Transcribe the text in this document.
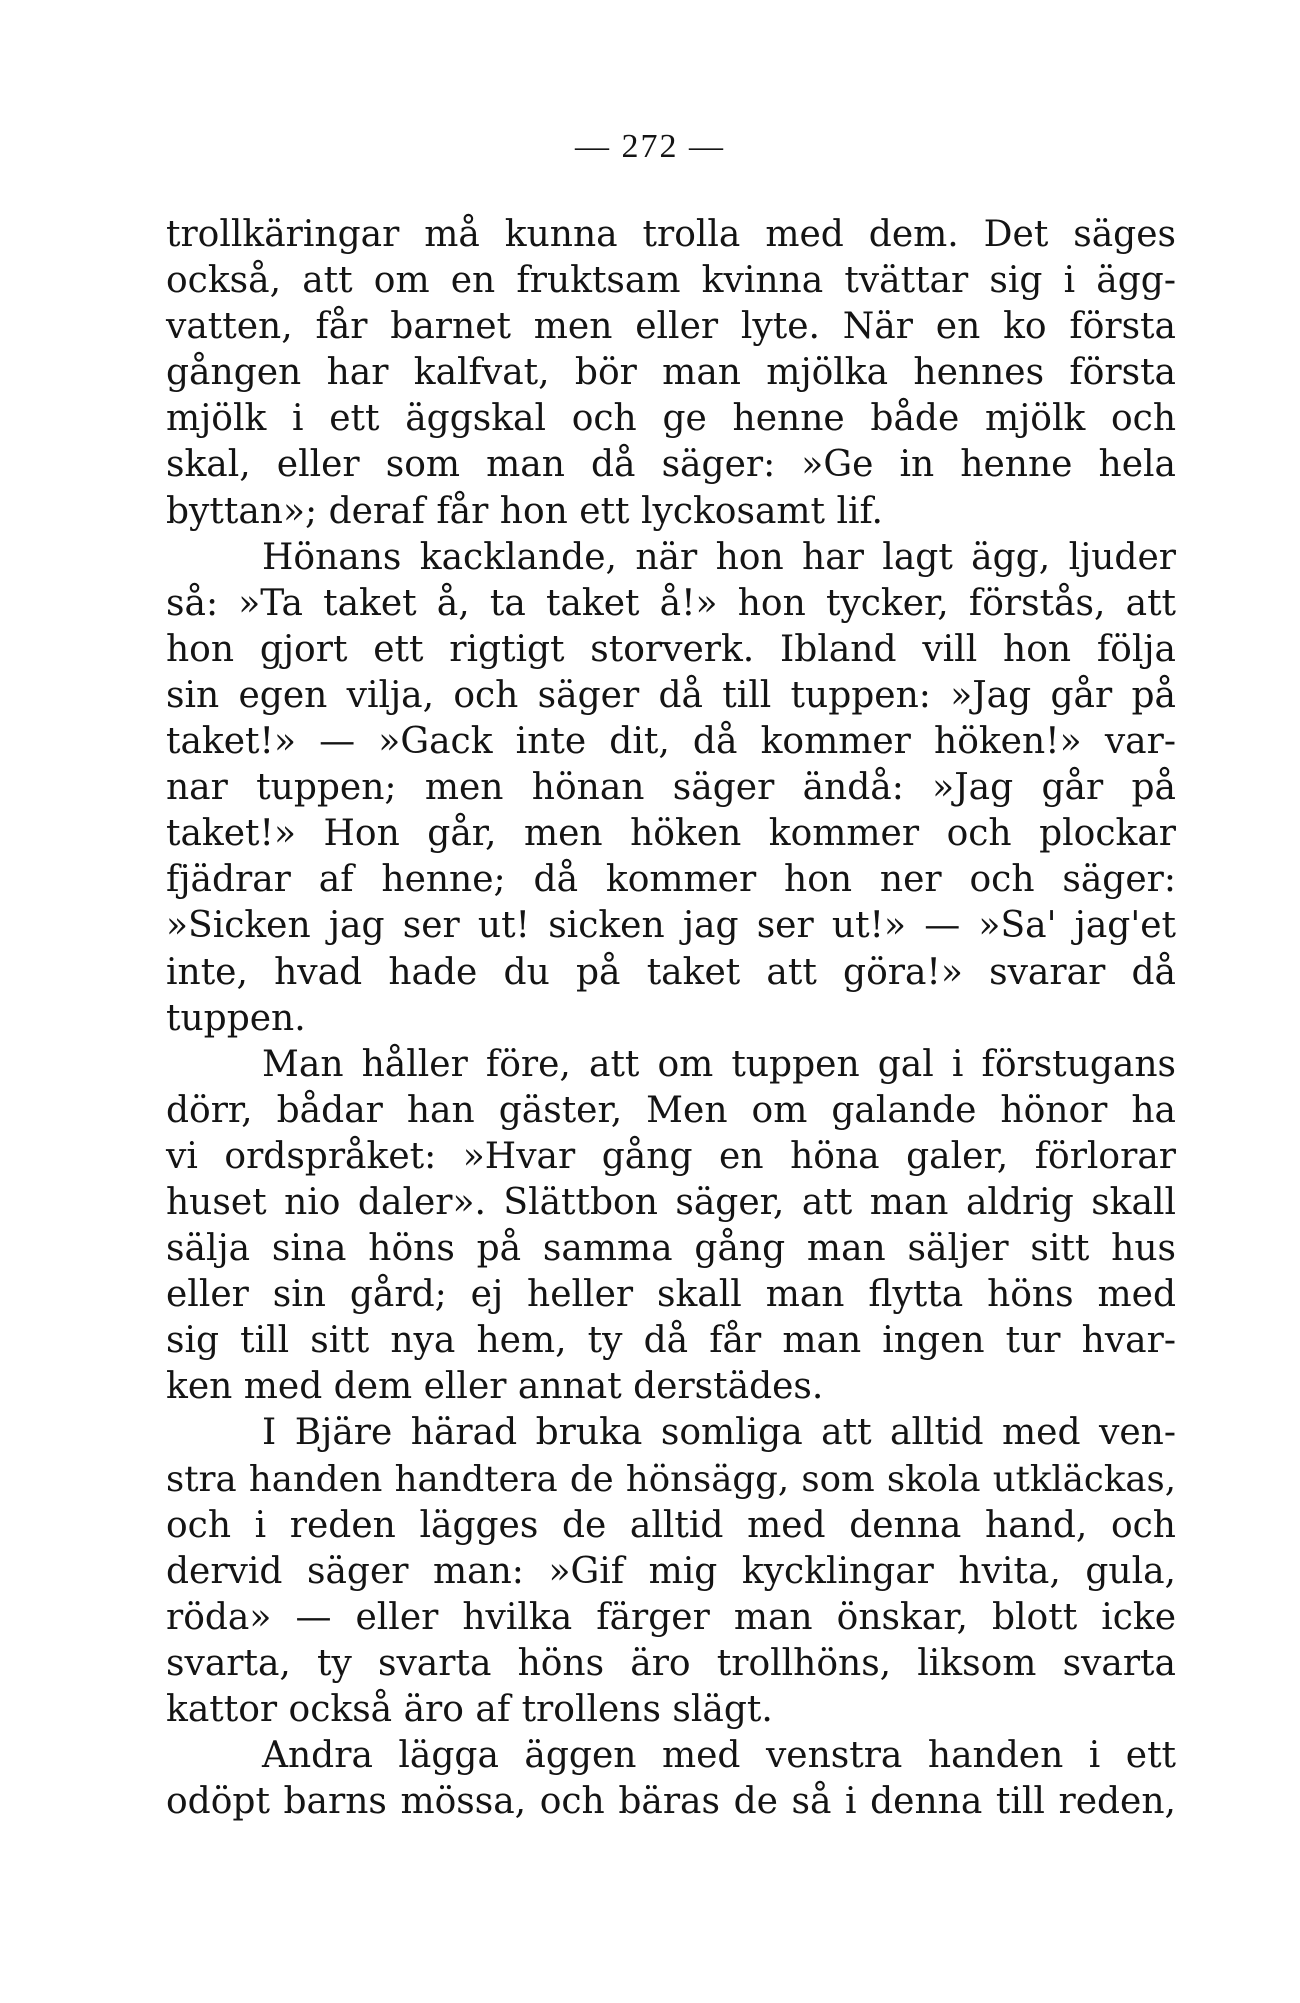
— 272 —
trollkäringar må kunna trolla med dem. Det säges
också, att om en fruktsam kvinna tvättar sig i ägg-
vatten, får barnet men eller lyte. När en ko första
gången har kalfvat, bör man mjölka hennes första
mjölk i ett äggskal och ge henne både mjölk och
skal, eller som man då säger: »Ge in henne hela
byttan»; deraf får hon ett lyckosamt lif.
Hönans kacklande, när hon har lagt ägg, ljuder
så: »Ta taket å, ta taket å!» hon tycker, förstås, att
hon gjort ett rigtigt storverk. Ibland vill hon följa
sin egen vilja, och säger då till tuppen: »Jag går på
taket!» — »Gack inte dit, då kommer höken!» var-
nar tuppen; men hönan säger ändå: »Jag går på
taket!» Hon går, men höken kommer och plockar
fjädrar af henne; då kommer hon ner och säger:
»Sicken jag ser ut! sicken jag ser ut!» — »Sa' jag'et
inte, hvad hade du på taket att göra!» svarar då
tuppen.
Man håller före, att om tuppen gal i förstugans
dörr, bådar han gäster, Men om galande hönor ha
vi ordspråket: »Hvar gång en höna galer, förlorar
huset nio daler». Slättbon säger, att man aldrig skall
sälja sina höns på samma gång man säljer sitt hus
eller sin gård; ej heller skall man flytta höns med
sig till sitt nya hem, ty då får man ingen tur hvar-
ken med dem eller annat derstädes.
I Bjäre härad bruka somliga att alltid med ven-
stra handen handtera de hönsägg, som skola utkläckas,
och i reden lägges de alltid med denna hand, och
dervid säger man: »Gif mig kycklingar hvita, gula,
röda» — eller hvilka färger man önskar, blott icke
svarta, ty svarta höns äro trollhöns, liksom svarta
kattor också äro af trollens slägt.
Andra lägga äggen med venstra handen i ett
odöpt barns mössa, och bäras de så i denna till reden,
